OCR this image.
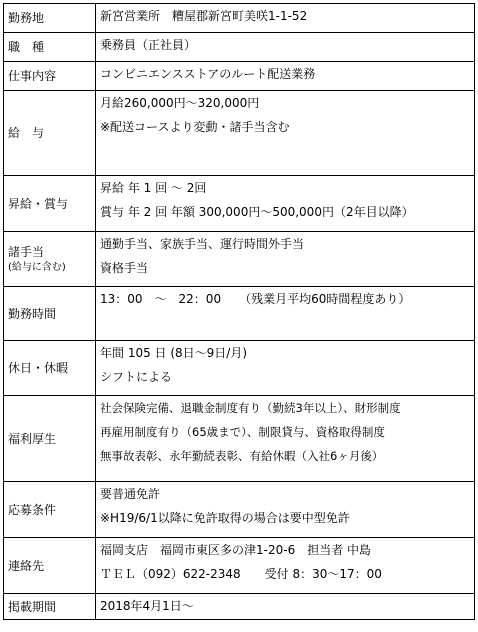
勤務地	新宮営業所　糟屋郡新宮町美咲1-1-52

職　種	乗務員（正社員）

仕事内容	コンビニエンスストアのルート配送業務

給　与	月給260,000円～320,000円
※配送コースより変動・諸手当含む

昇給・賞与	昇給 年 1 回 ～ 2回
賞与 年 2 回 年額 300,000円～500,000円（2年目以降）

諸手当
(給与に含む)	通勤手当、家族手当、運行時間外手当
資格手当

勤務時間	13：00　～　22：00　　（残業月平均60時間程度あり）

休日・休暇	年間 105 日 (8日～9日/月)
シフトによる

福利厚生	社会保険完備、退職金制度有り（勤続3年以上）、財形制度
再雇用制度有り（65歳まで）、制限貸与、資格取得制度
無事故表彰、永年勤続表彰、有給休暇（入社6ヶ月後）

応募条件	要普通免許
※H19/6/1以降に免許取得の場合は要中型免許

連絡先	福岡支店　福岡市東区多の津1-20-6　担当者 中島
ＴＥＬ（092）622-2348　　受付 8：30～17：00

掲載期間	2018年4月1日～
